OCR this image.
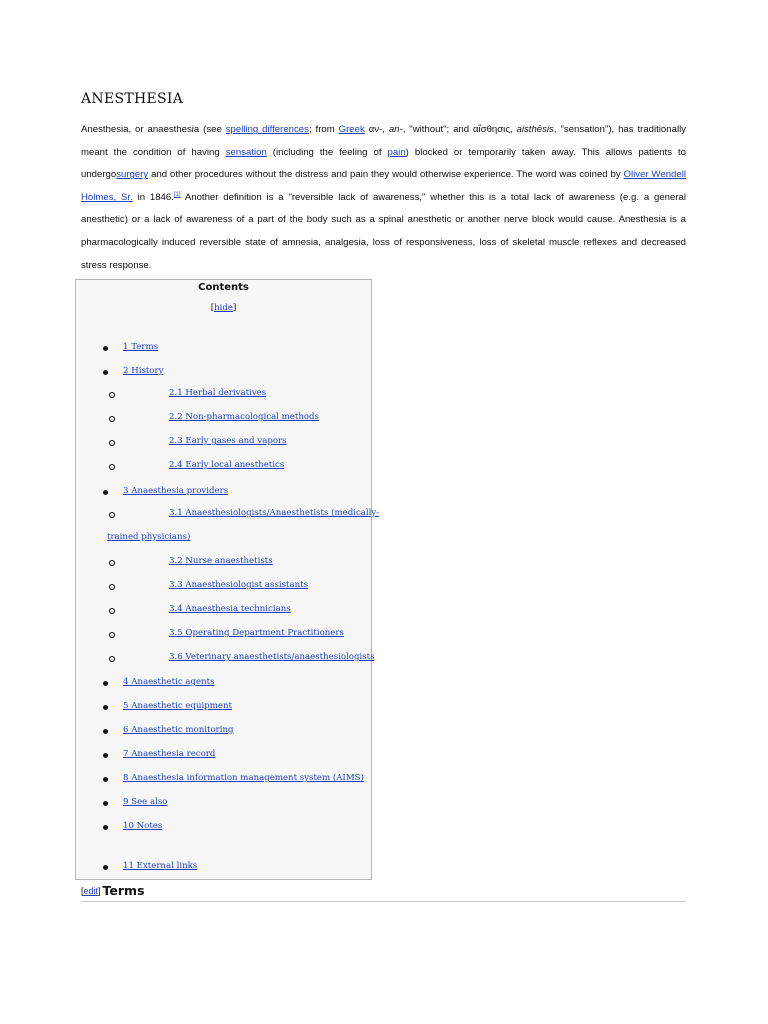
ANESTHESIA
Anesthesia, or anaesthesia (see spelling differences; from Greek αν-, an-, "without"; and αἴσθησις, aisthēsis, "sensation"), has traditionally meant the condition of having sensation (including the feeling of pain) blocked or temporarily taken away. This allows patients to undergosurgery and other procedures without the distress and pain they would otherwise experience. The word was coined by Oliver Wendell Holmes, Sr. in 1846.[1] Another definition is a "reversible lack of awareness," whether this is a total lack of awareness (e.g. a general anesthetic) or a lack of awareness of a part of the body such as a spinal anesthetic or another nerve block would cause. Anesthesia is a pharmacologically induced reversible state of amnesia, analgesia, loss of responsiveness, loss of skeletal muscle reflexes and decreased stress response.
Contents
[hide]
1 Terms
2 History
2.1 Herbal derivatives
2.2 Non-pharmacological methods
2.3 Early gases and vapors
2.4 Early local anesthetics
3 Anaesthesia providers
3.1 Anaesthesiologists/Anaesthetists (medically-
trained physicians)
3.2 Nurse anaesthetists
3.3 Anaesthesiologist assistants
3.4 Anaesthesia technicians
3.5 Operating Department Practitioners
3.6 Veterinary anaesthetists/anaesthesiologists
4 Anaesthetic agents
5 Anaesthetic equipment
6 Anaesthetic monitoring
7 Anaesthesia record
8 Anaesthesia information management system (AIMS)
9 See also
10 Notes
11 External links
[edit] Terms
